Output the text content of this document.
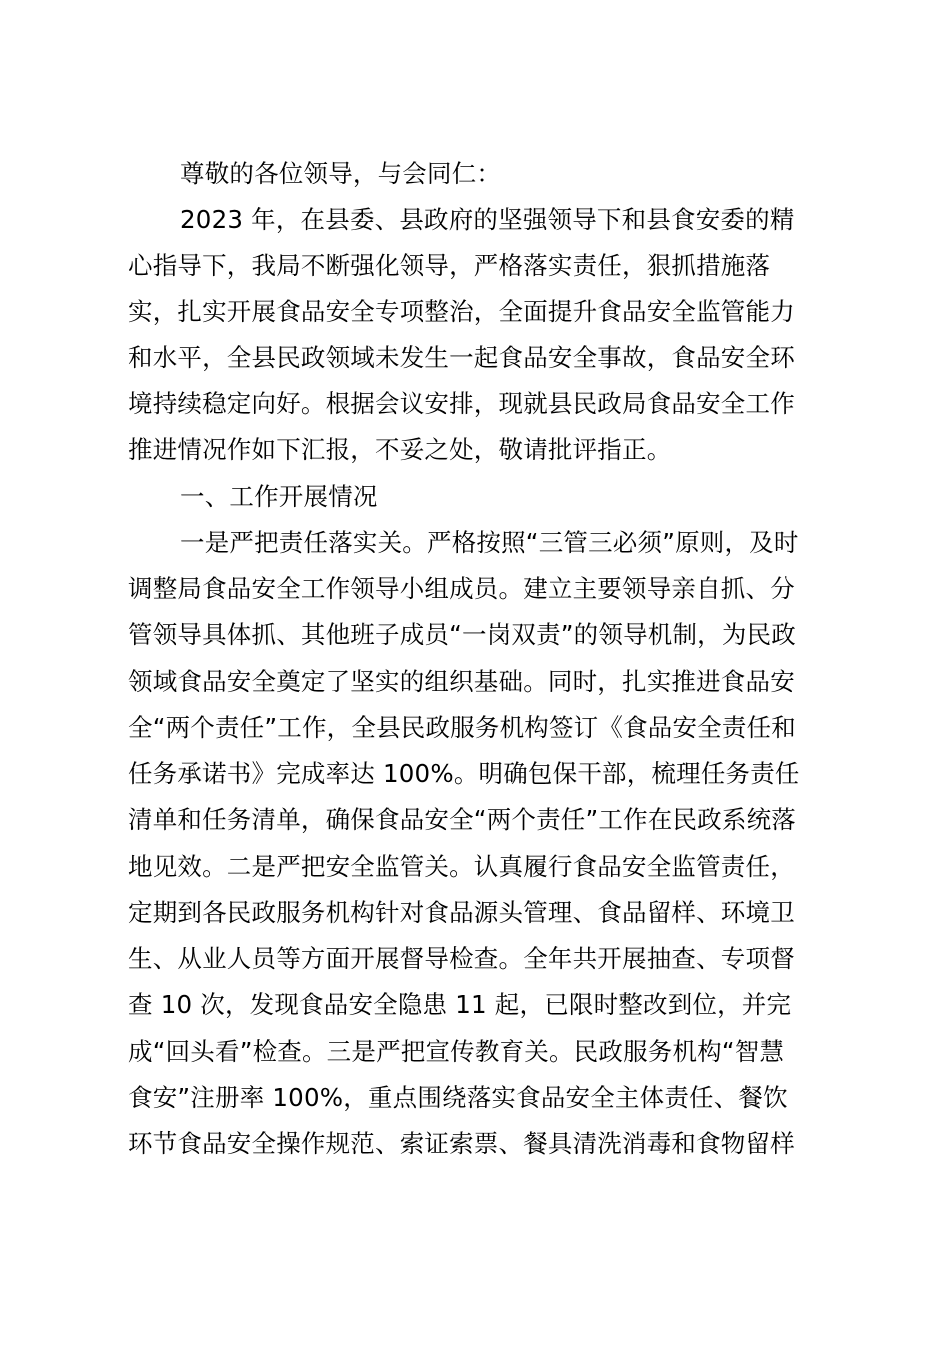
尊敬的各位领导，与会同仁：

2023 年，在县委、县政府的坚强领导下和县食安委的精

心指导下，我局不断强化领导，严格落实责任，狠抓措施落

实，扎实开展食品安全专项整治，全面提升食品安全监管能力

和水平，全县民政领域未发生一起食品安全事故，食品安全环

境持续稳定向好。根据会议安排，现就县民政局食品安全工作

推进情况作如下汇报，不妥之处，敬请批评指正。

一、工作开展情况

一是严把责任落实关。严格按照“三管三必须”原则，及时

调整局食品安全工作领导小组成员。建立主要领导亲自抓、分

管领导具体抓、其他班子成员“一岗双责”的领导机制，为民政

领域食品安全奠定了坚实的组织基础。同时，扎实推进食品安

全“两个责任”工作，全县民政服务机构签订《食品安全责任和

任务承诺书》完成率达 100%。明确包保干部，梳理任务责任

清单和任务清单，确保食品安全“两个责任”工作在民政系统落

地见效。二是严把安全监管关。认真履行食品安全监管责任，

定期到各民政服务机构针对食品源头管理、食品留样、环境卫

生、从业人员等方面开展督导检查。全年共开展抽查、专项督

查 10 次，发现食品安全隐患 11 起，已限时整改到位，并完

成“回头看”检查。三是严把宣传教育关。民政服务机构“智慧

食安”注册率 100%，重点围绕落实食品安全主体责任、餐饮

环节食品安全操作规范、索证索票、餐具清洗消毒和食物留样
